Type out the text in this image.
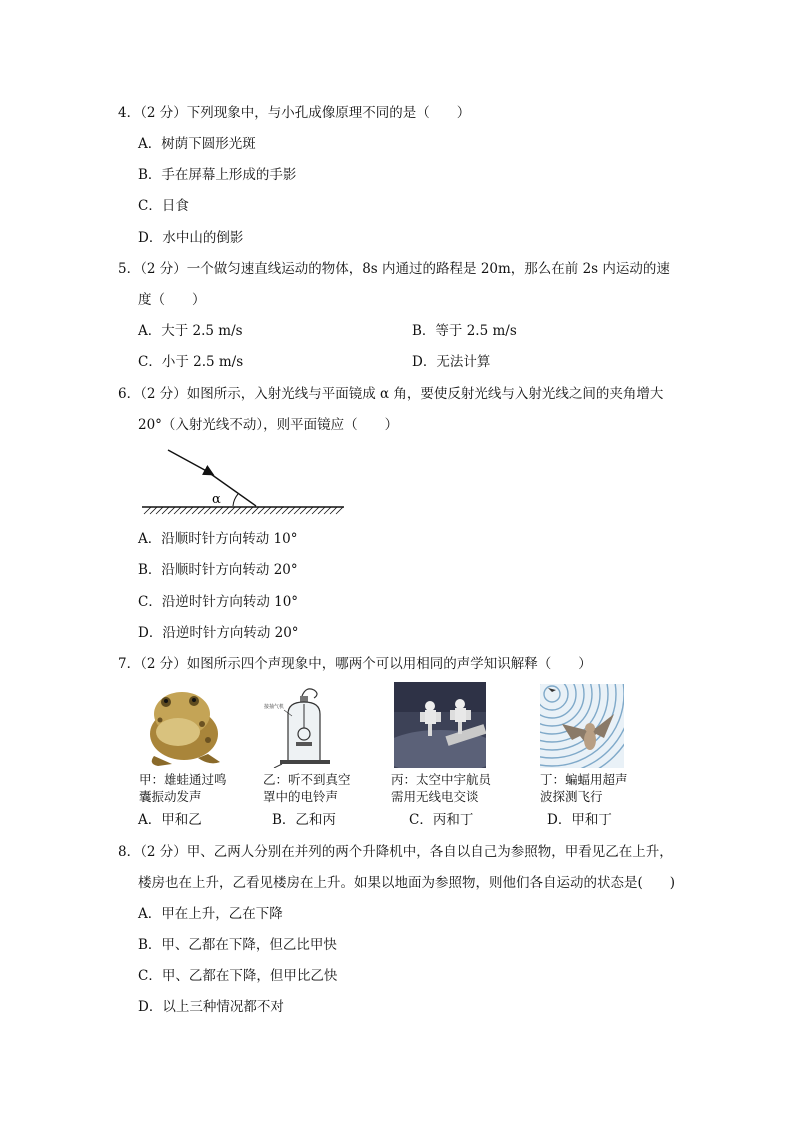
4．（2 分）下列现象中，与小孔成像原理不同的是（　　）
A．树荫下圆形光斑
B．手在屏幕上形成的手影
C．日食
D．水中山的倒影
5．（2 分）一个做匀速直线运动的物体，8s 内通过的路程是 20m，那么在前 2s 内运动的速
度（　　）
A．大于 2.5 m/s	B．等于 2.5 m/s
C．小于 2.5 m/s	D．无法计算
6．（2 分）如图所示，入射光线与平面镜成 α 角，要使反射光线与入射光线之间的夹角增大
20°（入射光线不动），则平面镜应（　　）
α
A．沿顺时针方向转动 10°
B．沿顺时针方向转动 20°
C．沿逆时针方向转动 10°
D．沿逆时针方向转动 20°
7．（2 分）如图所示四个声现象中，哪两个可以用相同的声学知识解释（　　）
接抽气机
甲：雄蛙通过鸣
囊振动发声
乙：听不到真空
罩中的电铃声
丙：太空中宇航员
需用无线电交谈
丁：蝙蝠用超声
波探测飞行
A．甲和乙	B．乙和丙	C．丙和丁	D．甲和丁
8．（2 分）甲、乙两人分别在并列的两个升降机中，各自以自己为参照物，甲看见乙在上升，
楼房也在上升，乙看见楼房在上升。如果以地面为参照物，则他们各自运动的状态是(　　)
A．甲在上升，乙在下降
B．甲、乙都在下降，但乙比甲快
C．甲、乙都在下降，但甲比乙快
D．以上三种情况都不对
